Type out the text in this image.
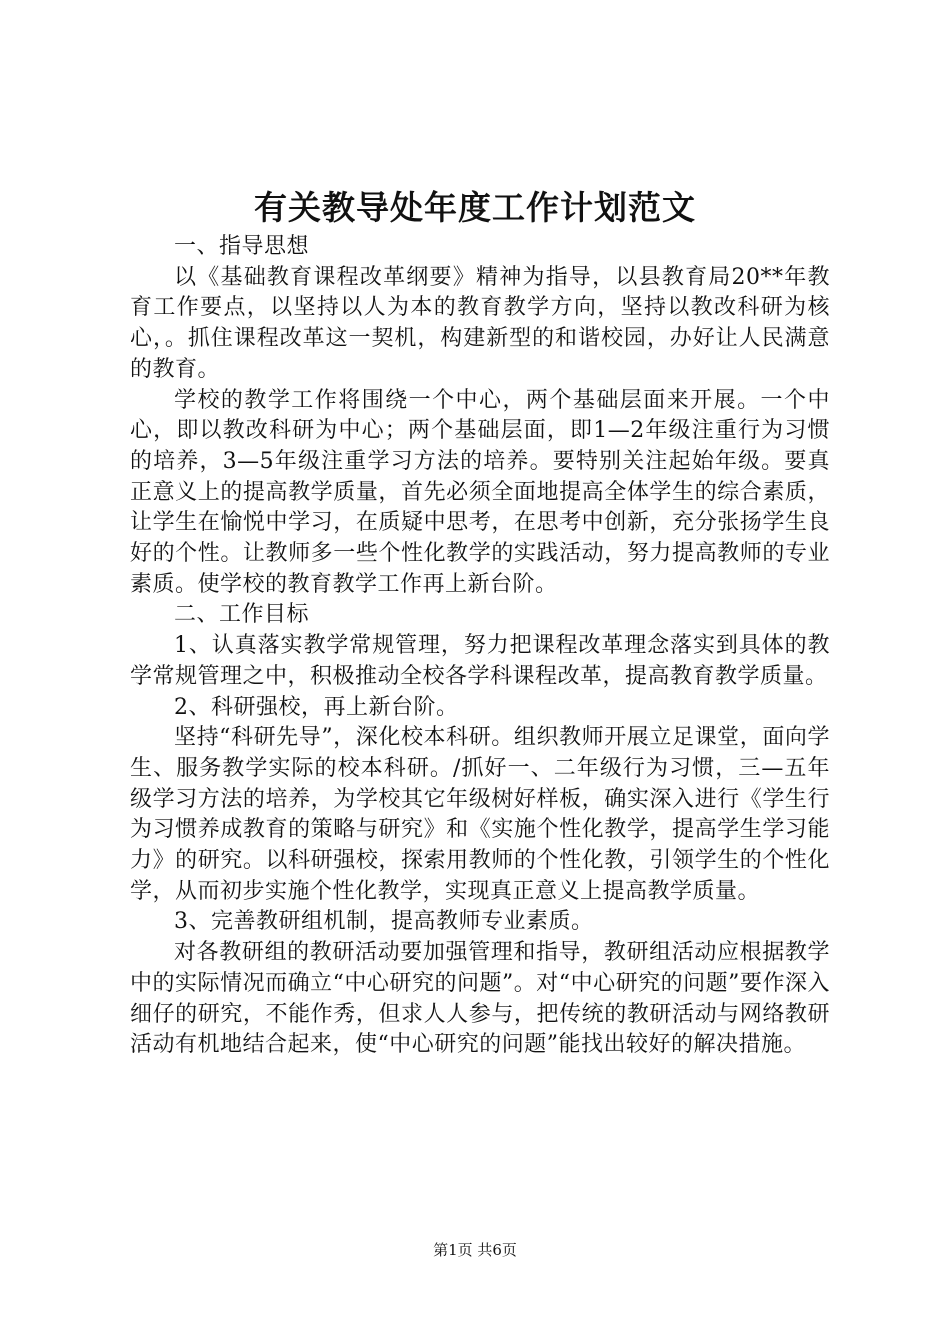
有关教导处年度工作计划范文

一、指导思想

以《基础教育课程改革纲要》精神为指导，以县教育局20**年教育工作要点，以坚持以人为本的教育教学方向，坚持以教改科研为核心，。抓住课程改革这一契机，构建新型的和谐校园，办好让人民满意的教育。

学校的教学工作将围绕一个中心，两个基础层面来开展。一个中心，即以教改科研为中心；两个基础层面，即1—2年级注重行为习惯的培养，3—5年级注重学习方法的培养。要特别关注起始年级。要真正意义上的提高教学质量，首先必须全面地提高全体学生的综合素质，让学生在愉悦中学习，在质疑中思考，在思考中创新，充分张扬学生良好的个性。让教师多一些个性化教学的实践活动，努力提高教师的专业素质。使学校的教育教学工作再上新台阶。

二、工作目标

1、认真落实教学常规管理，努力把课程改革理念落实到具体的教学常规管理之中，积极推动全校各学科课程改革，提高教育教学质量。

2、科研强校，再上新台阶。

坚持“科研先导”，深化校本科研。组织教师开展立足课堂，面向学生、服务教学实际的校本科研。/抓好一、二年级行为习惯，三—五年级学习方法的培养，为学校其它年级树好样板，确实深入进行《学生行为习惯养成教育的策略与研究》和《实施个性化教学，提高学生学习能力》的研究。以科研强校，探索用教师的个性化教，引领学生的个性化学，从而初步实施个性化教学，实现真正意义上提高教学质量。

3、完善教研组机制，提高教师专业素质。

对各教研组的教研活动要加强管理和指导，教研组活动应根据教学中的实际情况而确立“中心研究的问题”。对“中心研究的问题”要作深入细仔的研究，不能作秀，但求人人参与，把传统的教研活动与网络教研活动有机地结合起来，使“中心研究的问题”能找出较好的解决措施。

第1页 共6页
